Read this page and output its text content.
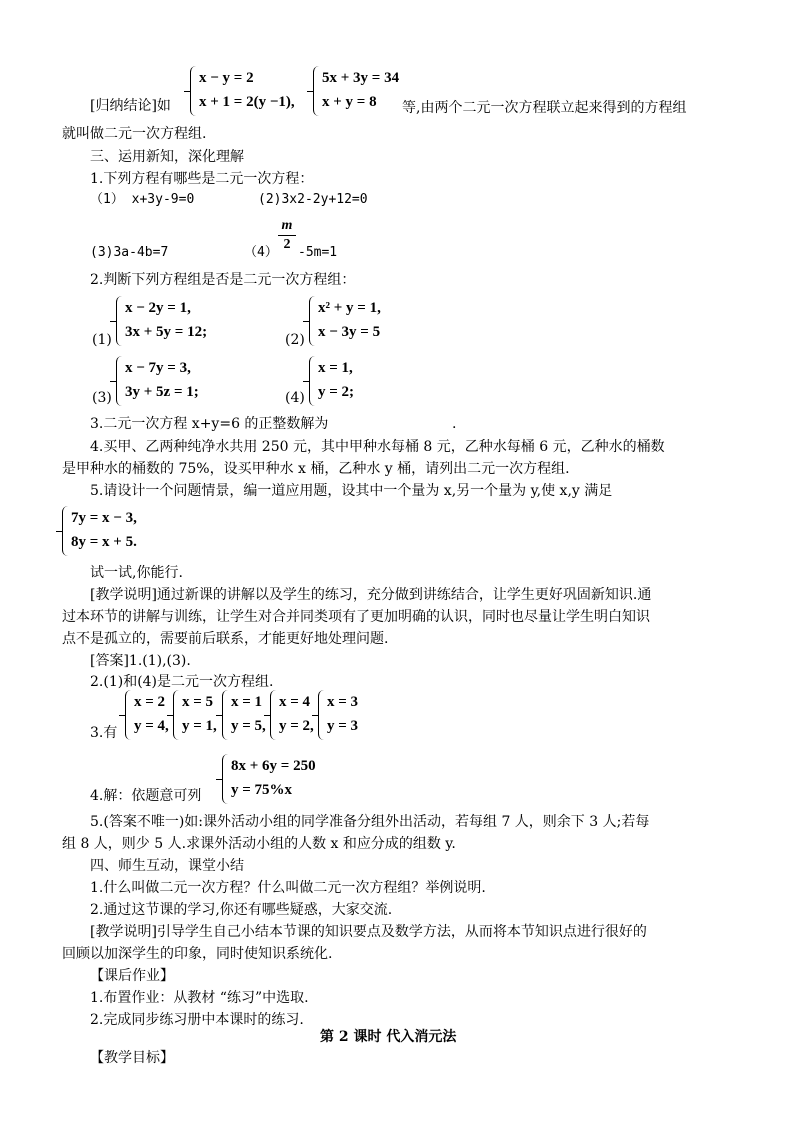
[归纳结论]如
x − y = 2
x + 1 = 2(y −1),
5x + 3y = 34
x + y = 8 等,由两个二元一次方程联立起来得到的方程组
就叫做二元一次方程组.
三、运用新知，深化理解
1.下列方程有哪些是二元一次方程：
（1） x+3y-9=0	(2)3x2-2y+12=0
(3)3a-4b=7	$(4) \frac{m}{2} -5m=1$
2.判断下列方程组是否是二元一次方程组：
(1)
x − 2y = 1,
3x + 5y = 12;	(2)
x² + y = 1,
x − 3y = 5
(3)
x − 7y = 3,
3y + 5z = 1;	(4)
x = 1,
y = 2;
3.二元一次方程 x+y=6 的正整数解为	.
4.买甲、乙两种纯净水共用 250 元，其中甲种水每桶 8 元，乙种水每桶 6 元，乙种水的桶数
是甲种水的桶数的 75%，设买甲种水 x 桶，乙种水 y 桶，请列出二元一次方程组.
5.请设计一个问题情景，编一道应用题，设其中一个量为 x,另一个量为 y,使 x,y 满足
7y = x − 3,
8y = x + 5.
试一试,你能行.
[教学说明]通过新课的讲解以及学生的练习，充分做到讲练结合，让学生更好巩固新知识.通
过本环节的讲解与训练，让学生对合并同类项有了更加明确的认识，同时也尽量让学生明白知识
点不是孤立的，需要前后联系，才能更好地处理问题.
[答案]1.(1),(3).
2.(1)和(4)是二元一次方程组.
3.有
x = 2
y = 4,
x = 5
y = 1,
x = 1
y = 5,
x = 4
y = 2,
x = 3
y = 3
4.解：依题意可列
8x + 6y = 250
y = 75%x
5.(答案不唯一)如:课外活动小组的同学准备分组外出活动，若每组 7 人，则余下 3 人;若每
组 8 人，则少 5 人.求课外活动小组的人数 x 和应分成的组数 y.
四、师生互动，课堂小结
1.什么叫做二元一次方程？什么叫做二元一次方程组？举例说明.
2.通过这节课的学习,你还有哪些疑惑，大家交流.
[教学说明]引导学生自己小结本节课的知识要点及数学方法，从而将本节知识点进行很好的
回顾以加深学生的印象，同时使知识系统化.
【课后作业】
1.布置作业：从教材 “练习”中选取.
2.完成同步练习册中本课时的练习.
第 2 课时 代入消元法
【教学目标】
